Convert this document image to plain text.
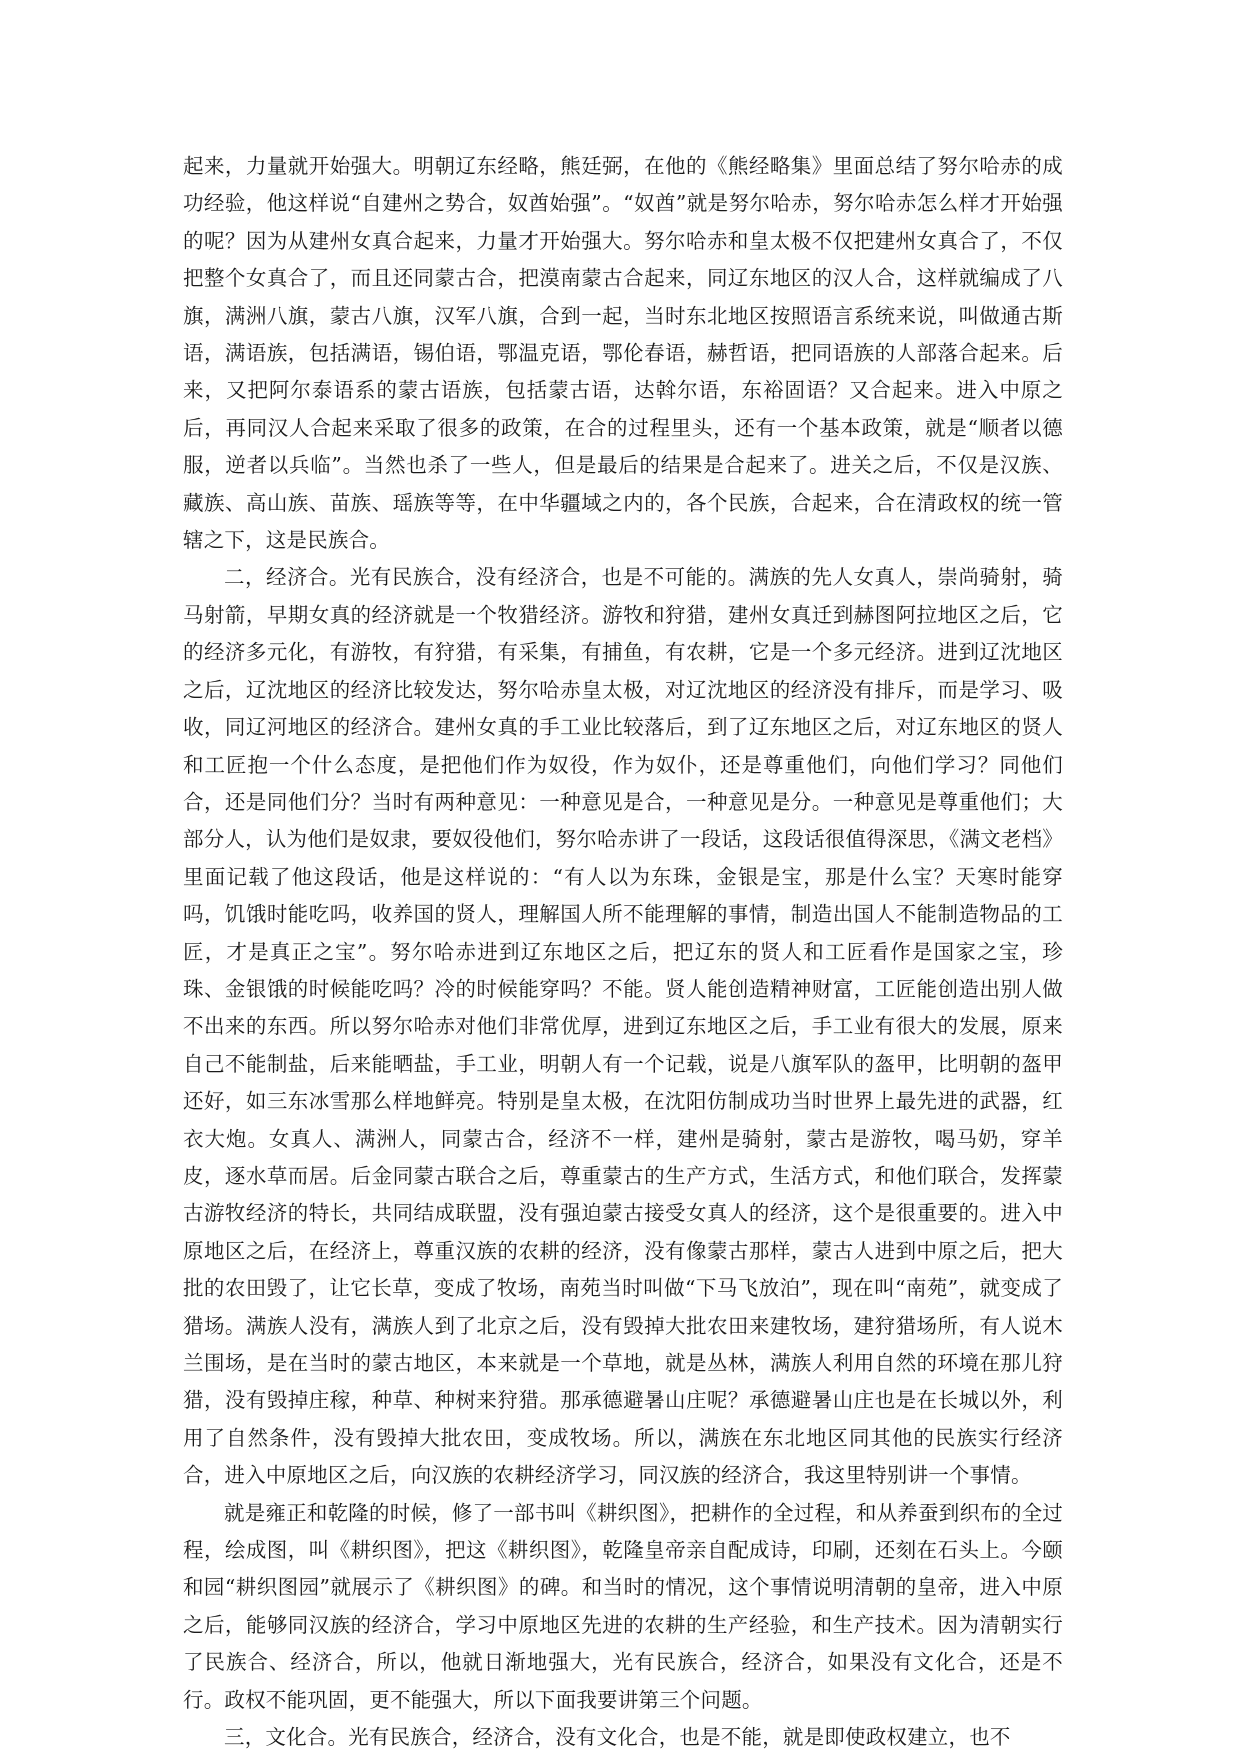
起来，力量就开始强大。明朝辽东经略，熊廷弼，在他的《熊经略集》里面总结了努尔哈赤的成功经验，他这样说“自建州之势合，奴酋始强”。“奴酋”就是努尔哈赤，努尔哈赤怎么样才开始强的呢？因为从建州女真合起来，力量才开始强大。努尔哈赤和皇太极不仅把建州女真合了，不仅把整个女真合了，而且还同蒙古合，把漠南蒙古合起来，同辽东地区的汉人合，这样就编成了八旗，满洲八旗，蒙古八旗，汉军八旗，合到一起，当时东北地区按照语言系统来说，叫做通古斯语，满语族，包括满语，锡伯语，鄂温克语，鄂伦春语，赫哲语，把同语族的人部落合起来。后来，又把阿尔泰语系的蒙古语族，包括蒙古语，达斡尔语，东裕固语？又合起来。进入中原之后，再同汉人合起来采取了很多的政策，在合的过程里头，还有一个基本政策，就是“顺者以德服，逆者以兵临”。当然也杀了一些人，但是最后的结果是合起来了。进关之后，不仅是汉族、藏族、高山族、苗族、瑶族等等，在中华疆域之内的，各个民族，合起来，合在清政权的统一管辖之下，这是民族合。

二，经济合。光有民族合，没有经济合，也是不可能的。满族的先人女真人，崇尚骑射，骑马射箭，早期女真的经济就是一个牧猎经济。游牧和狩猎，建州女真迁到赫图阿拉地区之后，它的经济多元化，有游牧，有狩猎，有采集，有捕鱼，有农耕，它是一个多元经济。进到辽沈地区之后，辽沈地区的经济比较发达，努尔哈赤皇太极，对辽沈地区的经济没有排斥，而是学习、吸收，同辽河地区的经济合。建州女真的手工业比较落后，到了辽东地区之后，对辽东地区的贤人和工匠抱一个什么态度，是把他们作为奴役，作为奴仆，还是尊重他们，向他们学习？同他们合，还是同他们分？当时有两种意见：一种意见是合，一种意见是分。一种意见是尊重他们；大部分人，认为他们是奴隶，要奴役他们，努尔哈赤讲了一段话，这段话很值得深思，《满文老档》里面记载了他这段话，他是这样说的：“有人以为东珠，金银是宝，那是什么宝？天寒时能穿吗，饥饿时能吃吗，收养国的贤人，理解国人所不能理解的事情，制造出国人不能制造物品的工匠，才是真正之宝”。努尔哈赤进到辽东地区之后，把辽东的贤人和工匠看作是国家之宝，珍珠、金银饿的时候能吃吗？冷的时候能穿吗？不能。贤人能创造精神财富，工匠能创造出别人做不出来的东西。所以努尔哈赤对他们非常优厚，进到辽东地区之后，手工业有很大的发展，原来自己不能制盐，后来能晒盐，手工业，明朝人有一个记载，说是八旗军队的盔甲，比明朝的盔甲还好，如三东冰雪那么样地鲜亮。特别是皇太极，在沈阳仿制成功当时世界上最先进的武器，红衣大炮。女真人、满洲人，同蒙古合，经济不一样，建州是骑射，蒙古是游牧，喝马奶，穿羊皮，逐水草而居。后金同蒙古联合之后，尊重蒙古的生产方式，生活方式，和他们联合，发挥蒙古游牧经济的特长，共同结成联盟，没有强迫蒙古接受女真人的经济，这个是很重要的。进入中原地区之后，在经济上，尊重汉族的农耕的经济，没有像蒙古那样，蒙古人进到中原之后，把大批的农田毁了，让它长草，变成了牧场，南苑当时叫做“下马飞放泊”，现在叫“南苑”，就变成了猎场。满族人没有，满族人到了北京之后，没有毁掉大批农田来建牧场，建狩猎场所，有人说木兰围场，是在当时的蒙古地区，本来就是一个草地，就是丛林，满族人利用自然的环境在那儿狩猎，没有毁掉庄稼，种草、种树来狩猎。那承德避暑山庄呢？承德避暑山庄也是在长城以外，利用了自然条件，没有毁掉大批农田，变成牧场。所以，满族在东北地区同其他的民族实行经济合，进入中原地区之后，向汉族的农耕经济学习，同汉族的经济合，我这里特别讲一个事情。

就是雍正和乾隆的时候，修了一部书叫《耕织图》，把耕作的全过程，和从养蚕到织布的全过程，绘成图，叫《耕织图》，把这《耕织图》，乾隆皇帝亲自配成诗，印刷，还刻在石头上。今颐和园“耕织图园”就展示了《耕织图》的碑。和当时的情况，这个事情说明清朝的皇帝，进入中原之后，能够同汉族的经济合，学习中原地区先进的农耕的生产经验，和生产技术。因为清朝实行了民族合、经济合，所以，他就日渐地强大，光有民族合，经济合，如果没有文化合，还是不行。政权不能巩固，更不能强大，所以下面我要讲第三个问题。

三，文化合。光有民族合，经济合，没有文化合，也是不能，就是即使政权建立，也不
